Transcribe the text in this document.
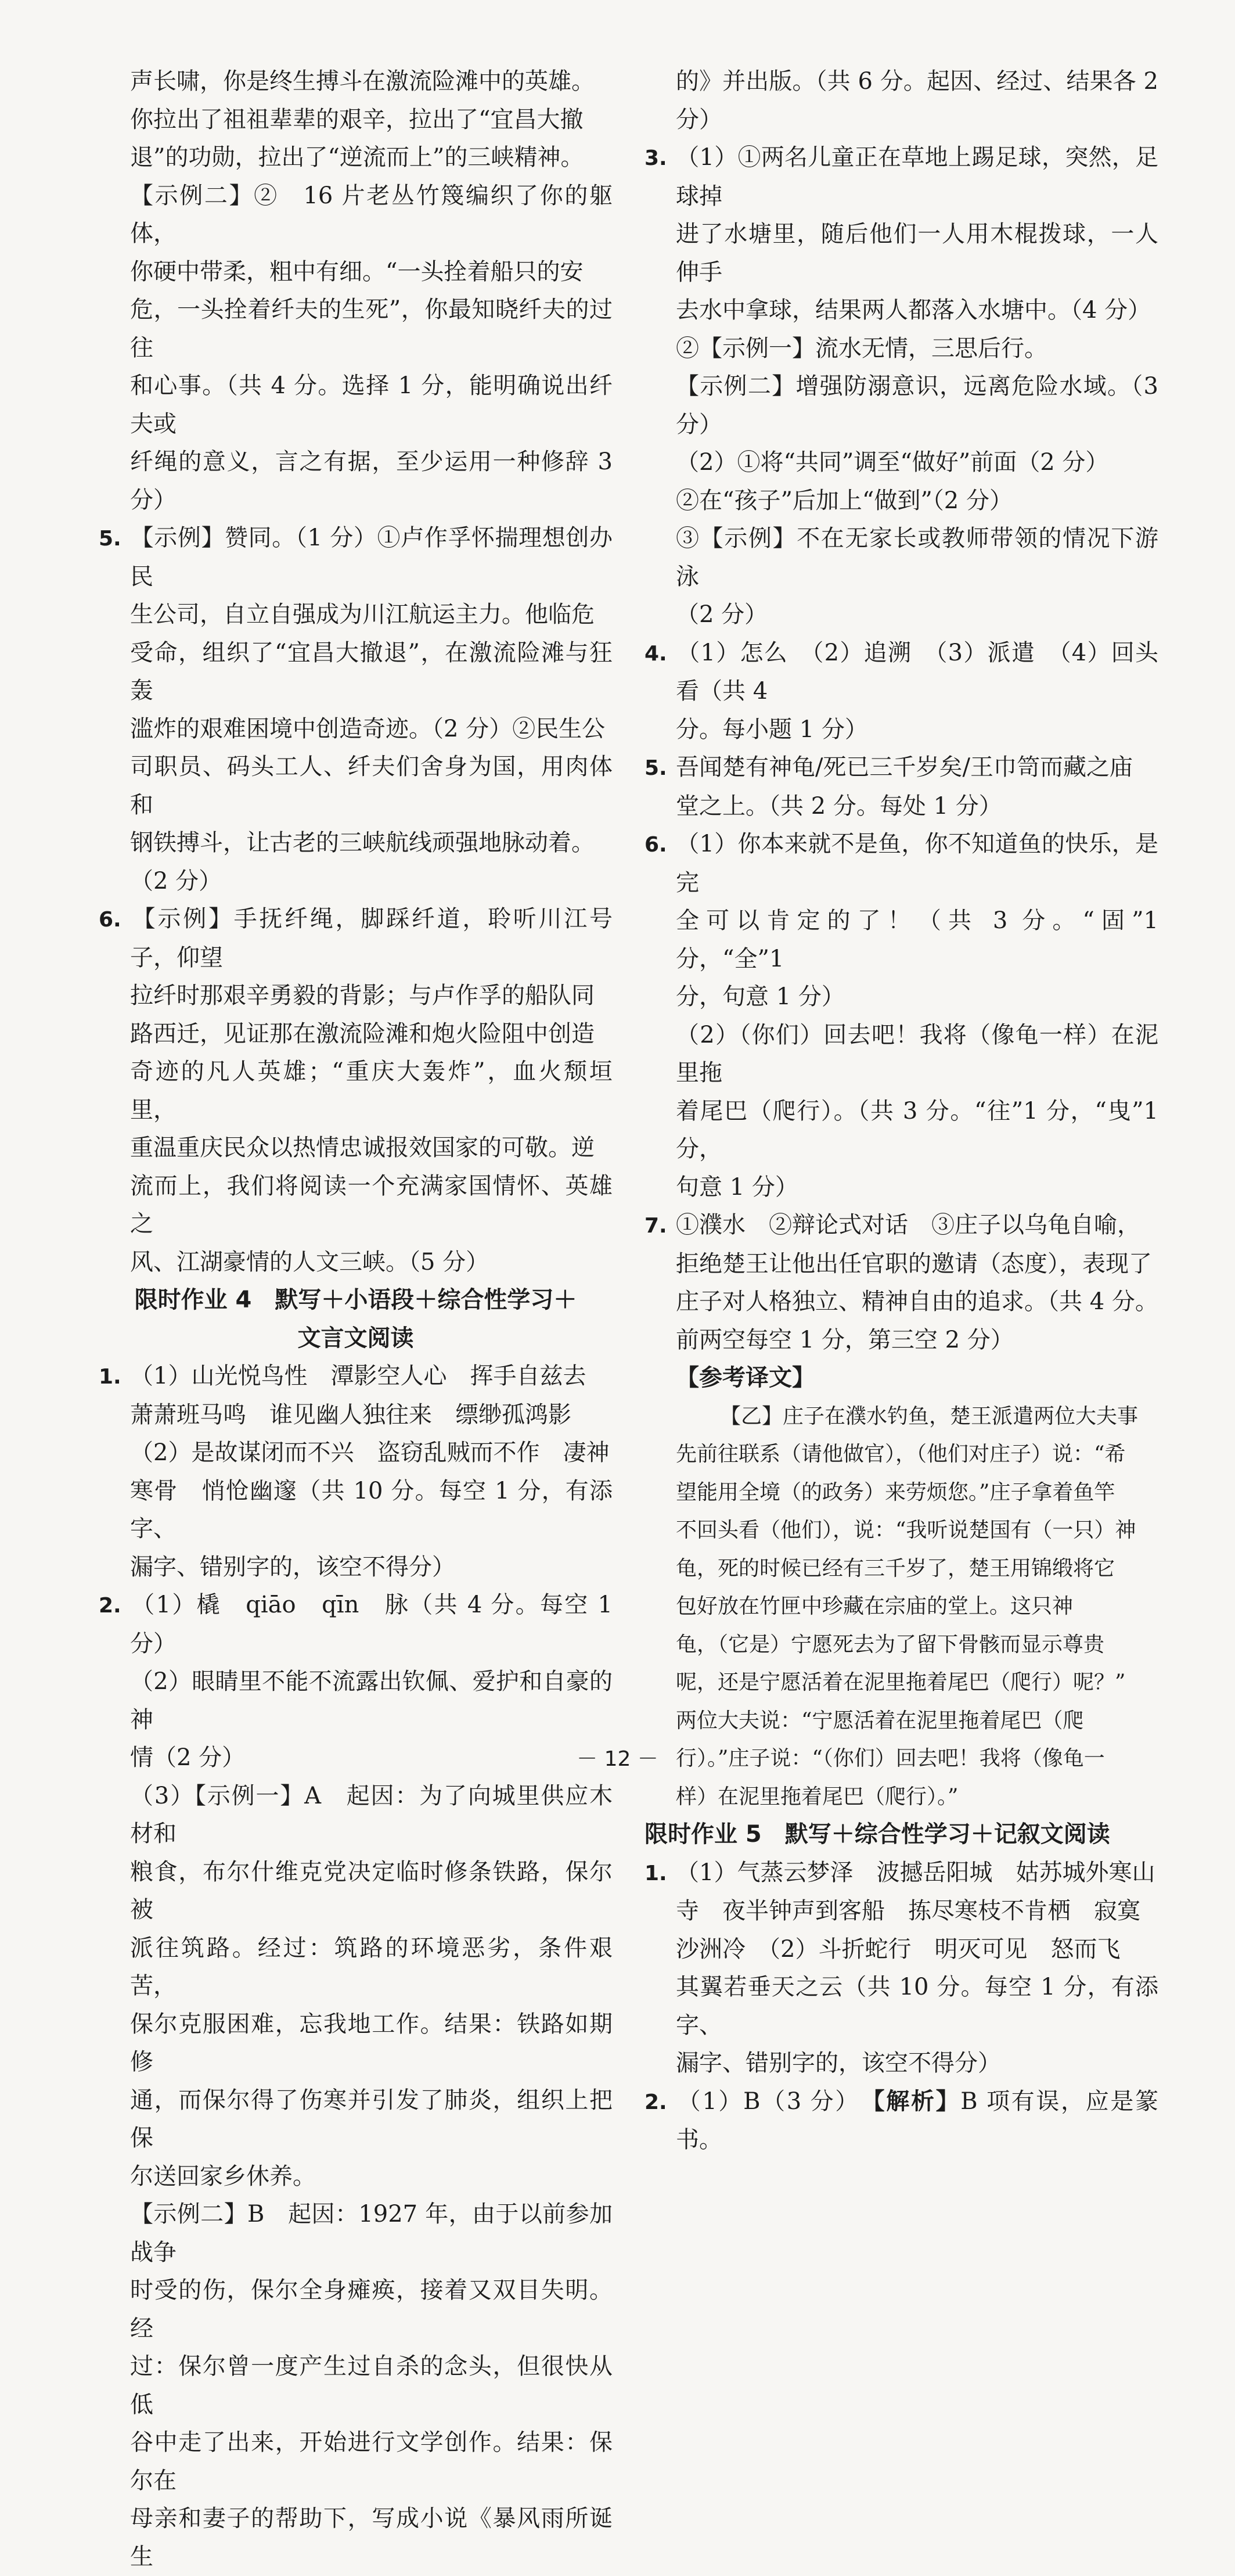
声长啸，你是终生搏斗在激流险滩中的英雄。

你拉出了祖祖辈辈的艰辛，拉出了“宜昌大撤

退”的功勋，拉出了“逆流而上”的三峡精神。

【示例二】②　16 片老丛竹篾编织了你的躯体，

你硬中带柔，粗中有细。“一头拴着船只的安

危，一头拴着纤夫的生死”，你最知晓纤夫的过往

和心事。（共 4 分。选择 1 分，能明确说出纤夫或

纤绳的意义，言之有据，至少运用一种修辞 3 分）

5. 【示例】赞同。（1 分）①卢作孚怀揣理想创办民

生公司，自立自强成为川江航运主力。他临危

受命，组织了“宜昌大撤退”，在激流险滩与狂轰

滥炸的艰难困境中创造奇迹。（2 分）②民生公

司职员、码头工人、纤夫们舍身为国，用肉体和

钢铁搏斗，让古老的三峡航线顽强地脉动着。

（2 分）

6. 【示例】手抚纤绳，脚踩纤道，聆听川江号子，仰望

拉纤时那艰辛勇毅的背影；与卢作孚的船队同

路西迁，见证那在激流险滩和炮火险阻中创造

奇迹的凡人英雄；“重庆大轰炸”，血火颓垣里，

重温重庆民众以热情忠诚报效国家的可敬。逆

流而上，我们将阅读一个充满家国情怀、英雄之

风、江湖豪情的人文三峡。（5 分）

限时作业 4　默写＋小语段＋综合性学习＋

文言文阅读

1. （1）山光悦鸟性　潭影空人心　挥手自兹去

萧萧班马鸣　谁见幽人独往来　缥缈孤鸿影

（2）是故谋闭而不兴　盗窃乱贼而不作　凄神

寒骨　悄怆幽邃（共 10 分。每空 1 分，有添字、

漏字、错别字的，该空不得分）

2. （1）橇　qiāo　qīn　脉（共 4 分。每空 1 分）

（2）眼睛里不能不流露出钦佩、爱护和自豪的神

情（2 分）

（3）【示例一】A　起因：为了向城里供应木材和

粮食，布尔什维克党决定临时修条铁路，保尔被

派往筑路。经过：筑路的环境恶劣，条件艰苦，

保尔克服困难，忘我地工作。结果：铁路如期修

通，而保尔得了伤寒并引发了肺炎，组织上把保

尔送回家乡休养。

【示例二】B　起因：1927 年，由于以前参加战争

时受的伤，保尔全身瘫痪，接着又双目失明。经

过：保尔曾一度产生过自杀的念头，但很快从低

谷中走了出来，开始进行文学创作。结果：保尔在

母亲和妻子的帮助下，写成小说《暴风雨所诞生

的》并出版。（共 6 分。起因、经过、结果各 2 分）

3. （1）①两名儿童正在草地上踢足球，突然，足球掉

进了水塘里，随后他们一人用木棍拨球，一人伸手

去水中拿球，结果两人都落入水塘中。（4 分）

②【示例一】流水无情，三思后行。

【示例二】增强防溺意识，远离危险水域。（3 分）

（2）①将“共同”调至“做好”前面（2 分）

②在“孩子”后加上“做到”（2 分）

③【示例】不在无家长或教师带领的情况下游泳

（2 分）

4. （1）怎么　（2）追溯　（3）派遣　（4）回头看（共 4

分。每小题 1 分）

5. 吾闻楚有神龟/死已三千岁矣/王巾笥而藏之庙

堂之上。（共 2 分。每处 1 分）

6. （1）你本来就不是鱼，你不知道鱼的快乐，是完

全可以肯定的了！（共 3 分。“固”1 分，“全”1

分，句意 1 分）

（2）（你们）回去吧！我将（像龟一样）在泥里拖

着尾巴（爬行）。（共 3 分。“往”1 分，“曳”1 分，

句意 1 分）

7. ①濮水　②辩论式对话　③庄子以乌龟自喻，

拒绝楚王让他出任官职的邀请（态度），表现了

庄子对人格独立、精神自由的追求。（共 4 分。

前两空每空 1 分，第三空 2 分）

【参考译文】

【乙】庄子在濮水钓鱼，楚王派遣两位大夫事

先前往联系（请他做官），（他们对庄子）说：“希

望能用全境（的政务）来劳烦您。”庄子拿着鱼竿

不回头看（他们），说：“我听说楚国有（一只）神

龟，死的时候已经有三千岁了，楚王用锦缎将它

包好放在竹匣中珍藏在宗庙的堂上。这只神

龟，（它是）宁愿死去为了留下骨骸而显示尊贵

呢，还是宁愿活着在泥里拖着尾巴（爬行）呢？”

两位大夫说：“宁愿活着在泥里拖着尾巴（爬

行）。”庄子说：“（你们）回去吧！我将（像龟一

样）在泥里拖着尾巴（爬行）。”

限时作业 5　默写＋综合性学习＋记叙文阅读

1. （1）气蒸云梦泽　波撼岳阳城　姑苏城外寒山

寺　夜半钟声到客船　拣尽寒枝不肯栖　寂寞

沙洲冷　（2）斗折蛇行　明灭可见　怒而飞

其翼若垂天之云（共 10 分。每空 1 分，有添字、

漏字、错别字的，该空不得分）

2. （1）B（3 分）　 【解析】B 项有误，应是篆书。

－ 12 －
